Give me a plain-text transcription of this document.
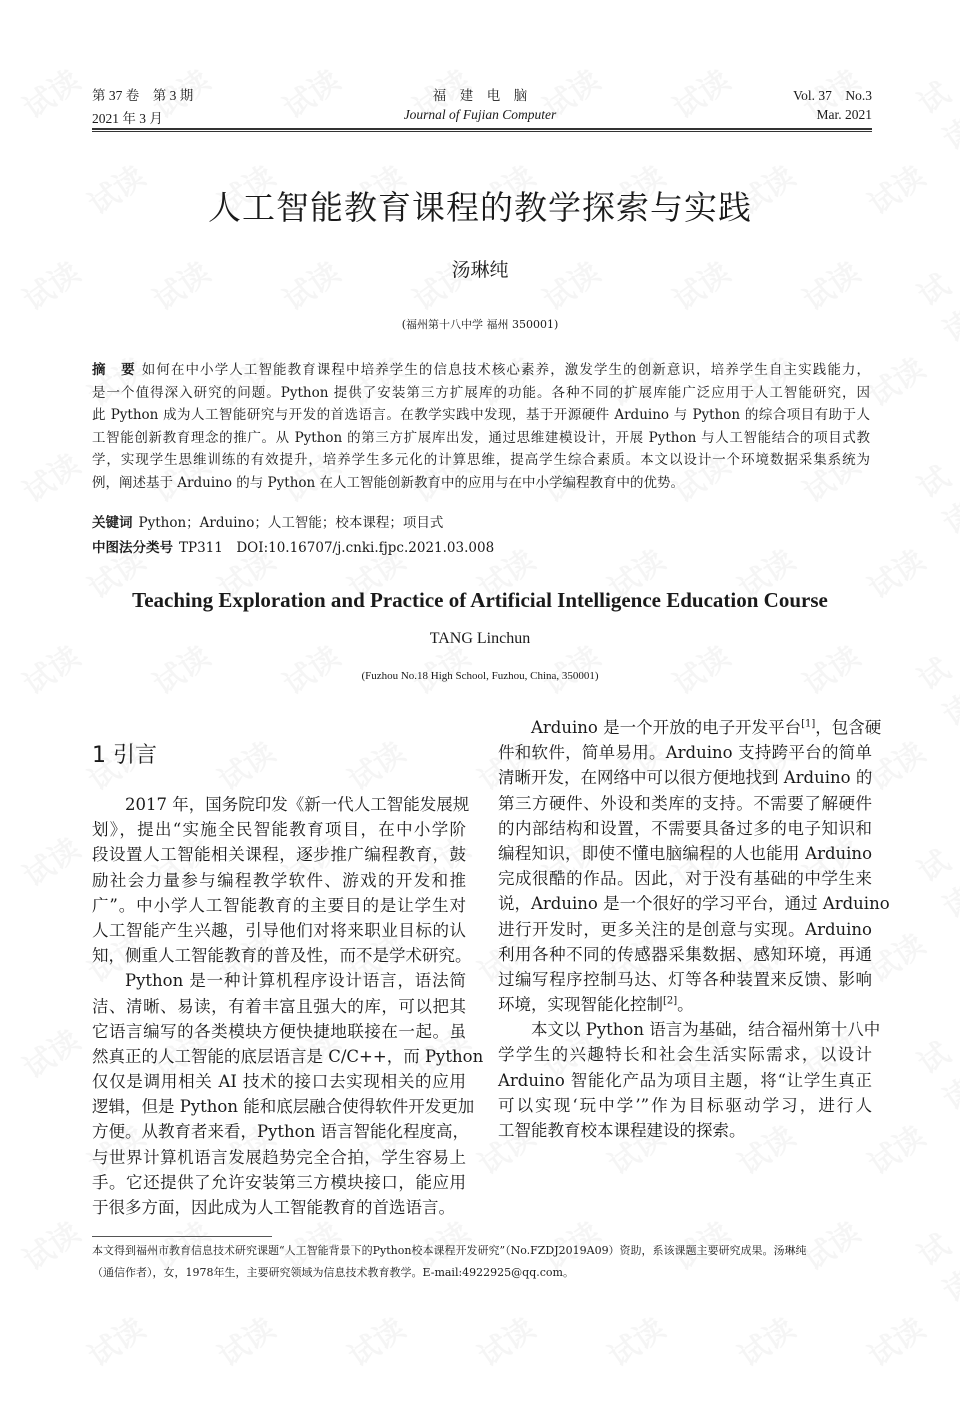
第 37 卷　第 3 期
2021 年 3 月
福　建　电　脑
Journal of Fujian Computer
Vol. 37　No.3
Mar. 2021
人工智能教育课程的教学探索与实践
汤琳纯
(福州第十八中学 福州 350001)
摘　要 如何在中小学人工智能教育课程中培养学生的信息技术核心素养，激发学生的创新意识，培养学生自主实践能力，
是一个值得深入研究的问题。Python 提供了安装第三方扩展库的功能。各种不同的扩展库能广泛应用于人工智能研究，因
此 Python 成为人工智能研究与开发的首选语言。在教学实践中发现，基于开源硬件 Arduino 与 Python 的综合项目有助于人
工智能创新教育理念的推广。从 Python 的第三方扩展库出发，通过思维建模设计，开展 Python 与人工智能结合的项目式教
学，实现学生思维训练的有效提升，培养学生多元化的计算思维，提高学生综合素质。本文以设计一个环境数据采集系统为
例，阐述基于 Arduino 的与 Python 在人工智能创新教育中的应用与在中小学编程教育中的优势。
关键词 Python；Arduino；人工智能；校本课程；项目式
中图法分类号 TP311　DOI:10.16707/j.cnki.fjpc.2021.03.008
Teaching Exploration and Practice of Artificial Intelligence Education Course
TANG Linchun
(Fuzhou No.18 High School, Fuzhou, China, 350001)
1 引言
2017 年，国务院印发《新一代人工智能发展规
划》，提出“实施全民智能教育项目，在中小学阶
段设置人工智能相关课程，逐步推广编程教育，鼓
励社会力量参与编程教学软件、游戏的开发和推
广”。中小学人工智能教育的主要目的是让学生对
人工智能产生兴趣，引导他们对将来职业目标的认
知，侧重人工智能教育的普及性，而不是学术研究。
Python 是一种计算机程序设计语言，语法简
洁、清晰、易读，有着丰富且强大的库，可以把其
它语言编写的各类模块方便快捷地联接在一起。虽
然真正的人工智能的底层语言是 C/C++，而 Python
仅仅是调用相关 AI 技术的接口去实现相关的应用
逻辑，但是 Python 能和底层融合使得软件开发更加
方便。从教育者来看，Python 语言智能化程度高，
与世界计算机语言发展趋势完全合拍，学生容易上
手。它还提供了允许安装第三方模块接口，能应用
于很多方面，因此成为人工智能教育的首选语言。
Arduino 是一个开放的电子开发平台[1]，包含硬
件和软件，简单易用。Arduino 支持跨平台的简单
清晰开发，在网络中可以很方便地找到 Arduino 的
第三方硬件、外设和类库的支持。不需要了解硬件
的内部结构和设置，不需要具备过多的电子知识和
编程知识，即使不懂电脑编程的人也能用 Arduino
完成很酷的作品。因此，对于没有基础的中学生来
说，Arduino 是一个很好的学习平台，通过 Arduino
进行开发时，更多关注的是创意与实现。Arduino
利用各种不同的传感器采集数据、感知环境，再通
过编写程序控制马达、灯等各种装置来反馈、影响
环境，实现智能化控制[2]。
本文以 Python 语言为基础，结合福州第十八中
学学生的兴趣特长和社会生活实际需求，以设计
Arduino 智能化产品为项目主题，将“让学生真正
可以实现‘玩中学’”作为目标驱动学习，进行人
工智能教育校本课程建设的探索。
本文得到福州市教育信息技术研究课题“人工智能背景下的Python校本课程开发研究”（No.FZDJ2019A09）资助，系该课题主要研究成果。汤琳纯
（通信作者），女，1978年生，主要研究领域为信息技术教育教学。E-mail:4922925@qq.com。
